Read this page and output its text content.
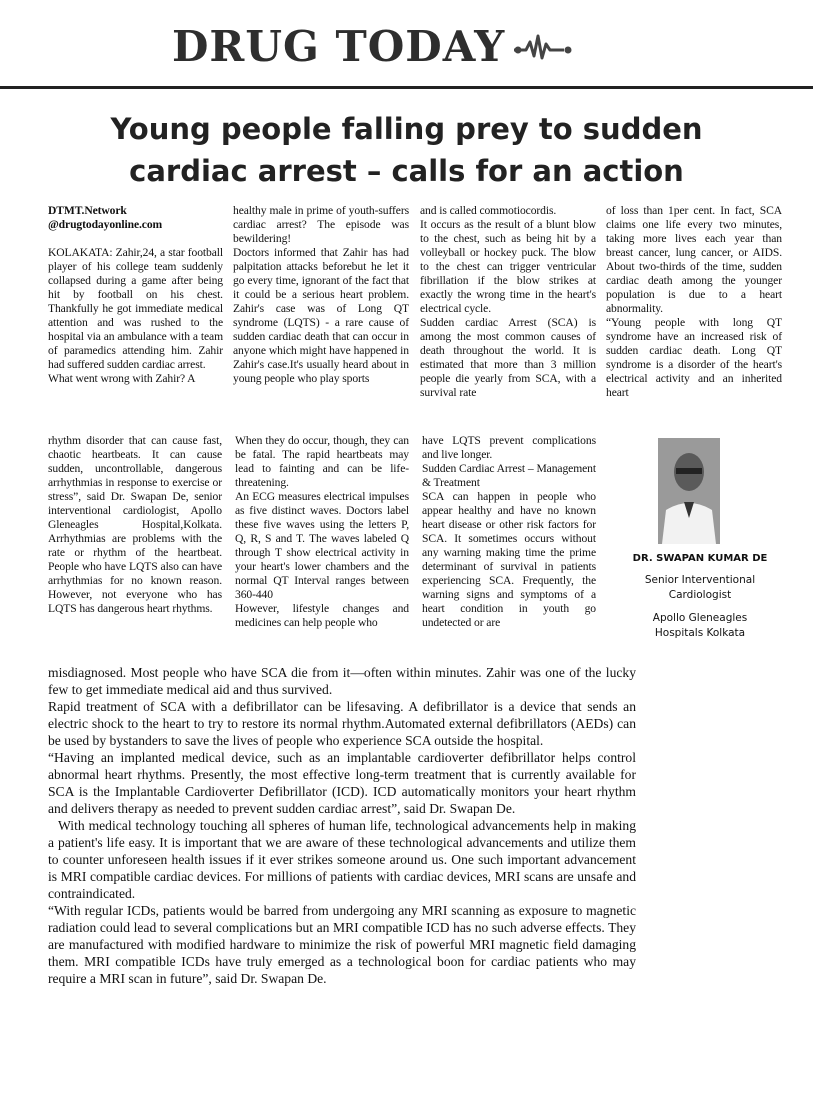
DRUG TODAY
Young people falling prey to sudden
cardiac arrest – calls for an action

DTMT.Network

@drugtodayonline.com

KOLAKATA: Zahir,24, a star football player of his college team suddenly collapsed during a game after being hit by football on his chest. Thankfully he got immediate medical attention and was rushed to the hospital via an ambulance with a team of paramedics attending him. Zahir had suffered sudden cardiac arrest.

What went wrong with Zahir? A

healthy male in prime of youth-suffers cardiac arrest? The episode was bewildering!

Doctors informed that Zahir has had palpitation attacks beforebut he let it go every time, ignorant of the fact that it could be a serious heart problem. Zahir's case was of Long QT syndrome (LQTS) - a rare cause of sudden cardiac death that can occur in anyone which might have happened in Zahir's case.It's usually heard about in young people who play sports

and is called commotiocordis.

It occurs as the result of a blunt blow to the chest, such as being hit by a volleyball or hockey puck. The blow to the chest can trigger ventricular fibrillation if the blow strikes at exactly the wrong time in the heart's electrical cycle.

Sudden cardiac Arrest (SCA) is among the most common causes of death throughout the world. It is estimated that more than 3 million people die yearly from SCA, with a survival rate

of loss than 1per cent. In fact, SCA claims one life every two minutes, taking more lives each year than breast cancer, lung cancer, or AIDS. About two-thirds of the time, sudden cardiac death among the younger population is due to a heart abnormality.

“Young people with long QT syndrome have an increased risk of sudden cardiac death. Long QT syndrome is a disorder of the heart's electrical activity and an inherited heart

rhythm disorder that can cause fast, chaotic heartbeats. It can cause sudden, uncontrollable, dangerous arrhythmias in response to exercise or stress”, said Dr. Swapan De, senior interventional cardiologist, Apollo Gleneagles Hospital,Kolkata. Arrhythmias are problems with the rate or rhythm of the heartbeat. People who have LQTS also can have arrhythmias for no known reason. However, not everyone who has LQTS has dangerous heart rhythms.

When they do occur, though, they can be fatal. The rapid heartbeats may lead to fainting and can be life-threatening.

An ECG measures electrical impulses as five distinct waves. Doctors label these five waves using the letters P, Q, R, S and T. The waves labeled Q through T show electrical activity in your heart's lower chambers and the normal QT Interval ranges between 360-440

However, lifestyle changes and medicines can help people who

have LQTS prevent complications and live longer.

Sudden Cardiac Arrest – Management & Treatment

SCA can happen in people who appear healthy and have no known heart disease or other risk factors for SCA. It sometimes occurs without any warning making time the prime determinant of survival in patients experiencing SCA. Frequently, the warning signs and symptoms of a heart condition in youth go undetected or are

DR. SWAPAN KUMAR DE
Senior Interventional
Cardiologist
Apollo Gleneagles
Hospitals Kolkata

misdiagnosed. Most people who have SCA die from it—often within minutes. Zahir was one of the lucky few to get immediate medical aid and thus survived.

Rapid treatment of SCA with a defibrillator can be lifesaving. A defibrillator is a device that sends an electric shock to the heart to try to restore its normal rhythm.Automated external defibrillators (AEDs) can be used by bystanders to save the lives of people who experience SCA outside the hospital.

“Having an implanted medical device, such as an implantable cardioverter defibrillator helps control abnormal heart rhythms. Presently, the most effective long-term treatment that is currently available for SCA is the Implantable Cardioverter Defibrillator (ICD). ICD automatically monitors your heart rhythm and delivers therapy as needed to prevent sudden cardiac arrest”, said Dr. Swapan De.

With medical technology touching all spheres of human life, technological advancements help in making a patient's life easy. It is important that we are aware of these technological advancements and utilize them to counter unforeseen health issues if it ever strikes someone around us. One such important advancement is MRI compatible cardiac devices. For millions of patients with cardiac devices, MRI scans are unsafe and contraindicated.

“With regular ICDs, patients would be barred from undergoing any MRI scanning as exposure to magnetic radiation could lead to several complications but an MRI compatible ICD has no such adverse effects. They are manufactured with modified hardware to minimize the risk of powerful MRI magnetic field damaging them. MRI compatible ICDs have truly emerged as a technological boon for cardiac patients who may require a MRI scan in future”, said Dr. Swapan De.
